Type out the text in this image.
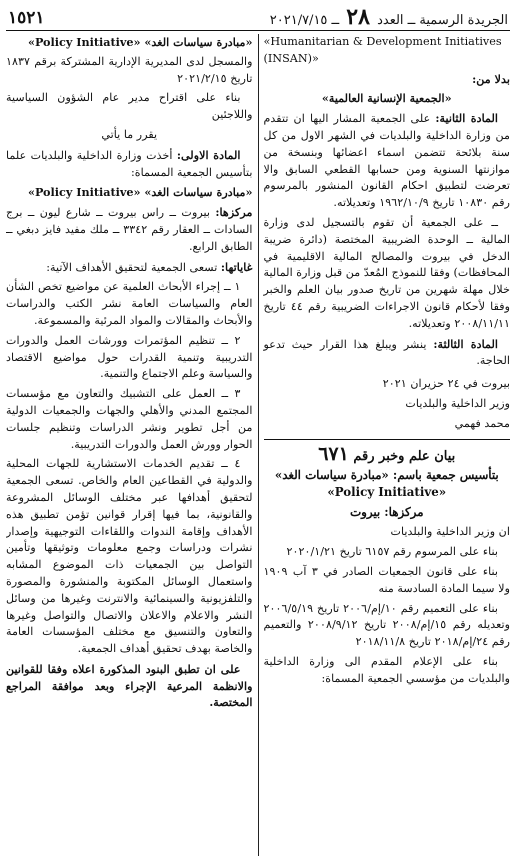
الجريدة الرسمية ــ العدد ٢٨ ــ ٢٠٢١/٧/١٥
١٥٢١

«Humanitarian & Development Initiatives (INSAN)»

بدلا من:

«الجمعية الإنسانية العالمية»

المادة الثانية: على الجمعية المشار اليها ان تتقدم من وزارة الداخلية والبلديات في الشهر الاول من كل سنة بلائحة تتضمن اسماء اعضائها وبنسخة من موازنتها السنوية ومن حسابها القطعي السابق والا تعرضت لتطبيق احكام القانون المنشور بالمرسوم رقم ١٠٨٣٠ تاريخ ١٩٦٢/١٠/٩ وتعديلاته.

ــ على الجمعية أن تقوم بالتسجيل لدى وزارة المالية ــ الوحدة الضريبية المختصة (دائرة ضريبة الدخل في بيروت والمصالح المالية الاقليمية في المحافظات) وفقا للنموذج المُعدّ من قبل وزارة المالية خلال مهلة شهرين من تاريخ صدور بيان العلم والخبر وفقا لأحكام قانون الاجراءات الضريبية رقم ٤٤ تاريخ ٢٠٠٨/١١/١١ وتعديلاته.

المادة الثالثة: ينشر ويبلغ هذا القرار حيث تدعو الحاجة.

بيروت في ٢٤ حزيران ٢٠٢١

وزير الداخلية والبلديات

محمد فهمي

بيان علم وخبر رقم ٦٧١

بتأسيس جمعية باسم: «مبادرة سياسات الغد» «Policy Initiative»

مركزها: بيروت

ان وزير الداخلية والبلديات

بناء على المرسوم رقم ٦١٥٧ تاريخ ٢٠٢٠/١/٢١

بناء على قانون الجمعيات الصادر في ٣ آب ١٩٠٩ ولا سيما المادة السادسة منه

بناء على التعميم رقم ١٠/إم/٢٠٠٦ تاريخ ٢٠٠٦/٥/١٩ وتعديله رقم ١٥/إم/٢٠٠٨ تاريخ ٢٠٠٨/٩/١٢ والتعميم رقم ٢٤/إم/٢٠١٨ تاريخ ٢٠١٨/١١/٨

بناء على الإعلام المقدم الى وزارة الداخلية والبلديات من مؤسسي الجمعية المسماة:

«مبادرة سياسات الغد» «Policy Initiative»

والمسجل لدى المديرية الإدارية المشتركة برقم ١٨٣٧ تاريخ ٢٠٢١/٢/١٥

بناء على اقتراح مدير عام الشؤون السياسية واللاجئين

يقرر ما يأتي

المادة الاولى: أخذت وزارة الداخلية والبلديات علما بتأسيس الجمعية المسماة:

«مبادرة سياسات الغد» «Policy Initiative»

مركزها: بيروت ــ راس بيروت ــ شارع ليون ــ برج السادات ــ العقار رقم ٣٣٤٢ ــ ملك مفيد فايز دبغي ــ الطابق الرابع.

غاياتها: تسعى الجمعية لتحقيق الأهداف الآتية:

١ ــ إجراء الأبحاث العلمية عن مواضيع تخص الشأن العام والسياسات العامة نشر الكتب والدراسات والأبحاث والمقالات والمواد المرئية والمسموعة.

٢ ــ تنظيم المؤتمرات وورشات العمل والدورات التدريبية وتنمية القدرات حول مواضيع الاقتصاد والسياسة وعلم الاجتماع والتنمية.

٣ ــ العمل على التشبيك والتعاون مع مؤسسات المجتمع المدني والأهلي والجهات والجمعيات الدولية من أجل تطوير ونشر الدراسات وتنظيم جلسات الحوار وورش العمل والدورات التدريبية.

٤ ــ تقديم الخدمات الاستشارية للجهات المحلية والدولية في القطاعين العام والخاص. تسعى الجمعية لتحقيق أهدافها عبر مختلف الوسائل المشروعة والقانونية، بما فيها إقرار قوانين تؤمن تطبيق هذه الأهداف وإقامة الندوات واللقاءات التوجيهية وإصدار نشرات ودراسات وجمع معلومات وتوثيقها وتأمين التواصل بين الجمعيات ذات الموضوع المشابه واستعمال الوسائل المكتوبة والمنشورة والمصورة والتلفزيونية والسينمائية والانترنت وغيرها من وسائل النشر والاعلام والاعلان والاتصال والتواصل وغيرها والتعاون والتنسيق مع مختلف المؤسسات العامة والخاصة بهدف تحقيق أهداف الجمعية.

على ان تطبق البنود المذكورة اعلاه وفقا للقوانين والانظمة المرعية الإجراء وبعد موافقة المراجع المختصة.
